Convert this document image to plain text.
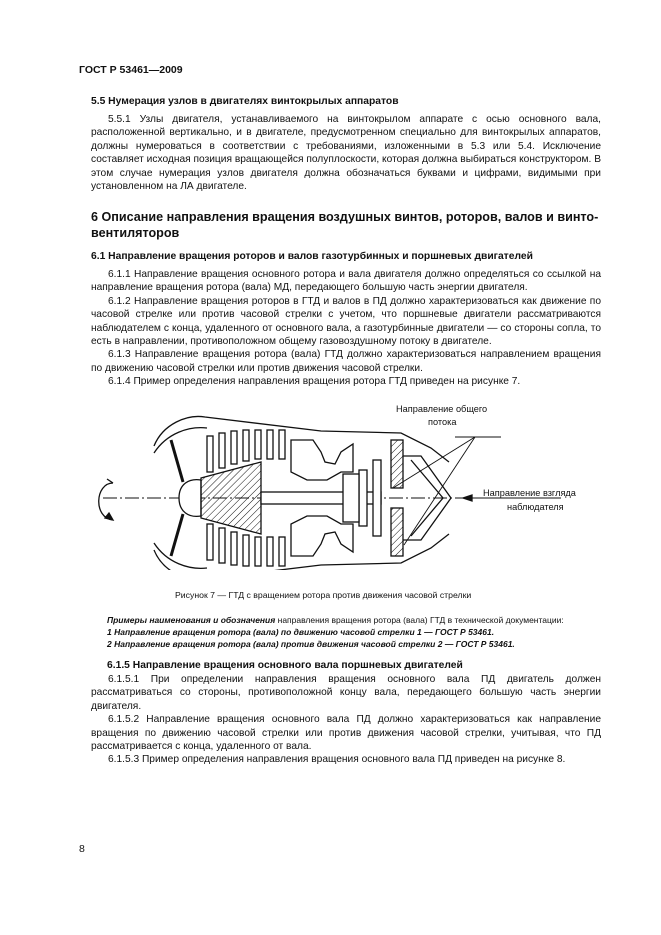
ГОСТ Р 53461—2009
5.5 Нумерация узлов в двигателях винтокрылых аппаратов

5.5.1 Узлы двигателя, устанавливаемого на винтокрылом аппарате с осью основного вала, расположенной вертикально, и в двигателе, предусмотренном специально для винтокрылых аппаратов, должны нумероваться в соответствии с требованиями, изложенными в 5.3 или 5.4. Исключение составляет исходная позиция вращающейся полуплоскости, которая должна выбираться конструктором. В этом случае нумерация узлов двигателя должна обозначаться буквами и цифрами, видимыми при установленном на ЛА двигателе.

6 Описание направления вращения воздушных винтов, роторов, валов и винто-вентиляторов
6.1 Направление вращения роторов и валов газотурбинных и поршневых двигателей

6.1.1 Направление вращения основного ротора и вала двигателя должно определяться со ссылкой на направление вращения ротора (вала) МД, передающего большую часть энергии двигателя.

6.1.2 Направление вращения роторов в ГТД и валов в ПД должно характеризоваться как движение по часовой стрелке или против часовой стрелки с учетом, что поршневые двигатели рассматриваются наблюдателем с конца, удаленного от основного вала, а газотурбинные двигатели — со стороны сопла, то есть в направлении, противоположном общему газовоздушному потоку в двигателе.

6.1.3 Направление вращения ротора (вала) ГТД должно характеризоваться направлением вращения по движению часовой стрелки или против движения часовой стрелки.

6.1.4 Пример определения направления вращения ротора ГТД приведен на рисунке 7.

Направление общего
потока
Направление взгляда
наблюдателя
Рисунок 7 — ГТД с вращением ротора против движения часовой стрелки
Примеры наименования и обозначения направления вращения ротора (вала) ГТД в технической документации:
1 Направление вращения ротора (вала) по движению часовой стрелки 1 — ГОСТ Р 53461.
2 Направление вращения ротора (вала) против движения часовой стрелки 2 — ГОСТ Р 53461.
6.1.5 Направление вращения основного вала поршневых двигателей

6.1.5.1 При определении направления вращения основного вала ПД двигатель должен рассматриваться со стороны, противоположной концу вала, передающего большую часть энергии двигателя.

6.1.5.2 Направление вращения основного вала ПД должно характеризоваться как направление вращения по движению часовой стрелки или против движения часовой стрелки, учитывая, что ПД рассматривается с конца, удаленного от вала.

6.1.5.3 Пример определения направления вращения основного вала ПД приведен на рисунке 8.

8
